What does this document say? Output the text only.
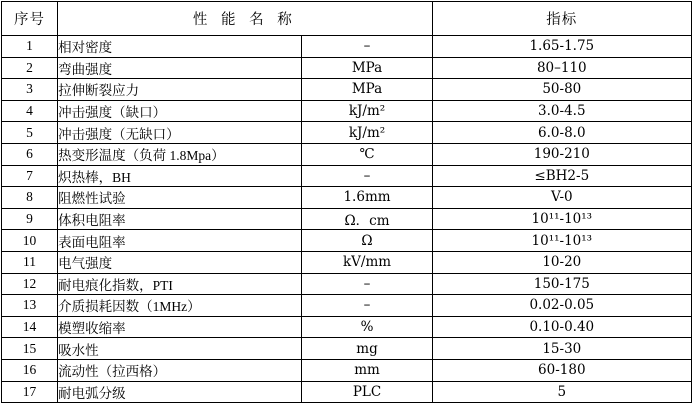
序号	性 能 名 称		指标
1	相对密度	–	1.65-1.75
2	弯曲强度	MPa	80–110
3	拉伸断裂应力	MPa	50-80
4	冲击强度（缺口）	kJ/m²	3.0-4.5
5	冲击强度（无缺口）	kJ/m²	6.0-8.0
6	热变形温度（负荷 1.8Mpa）	℃	190-210
7	炽热棒，BH	–	≤BH2-5
8	阻燃性试验	1.6mm	V-0
9	体积电阻率	Ω．cm	10¹¹-10¹³
10	表面电阻率	Ω	10¹¹-10¹³
11	电气强度	kV/mm	10-20
12	耐电痕化指数，PTI	–	150-175
13	介质损耗因数（1MHz）	–	0.02-0.05
14	模塑收缩率	%	0.10-0.40
15	吸水性	mg	15-30
16	流动性（拉西格）	mm	60-180
17	耐电弧分级	PLC	5
